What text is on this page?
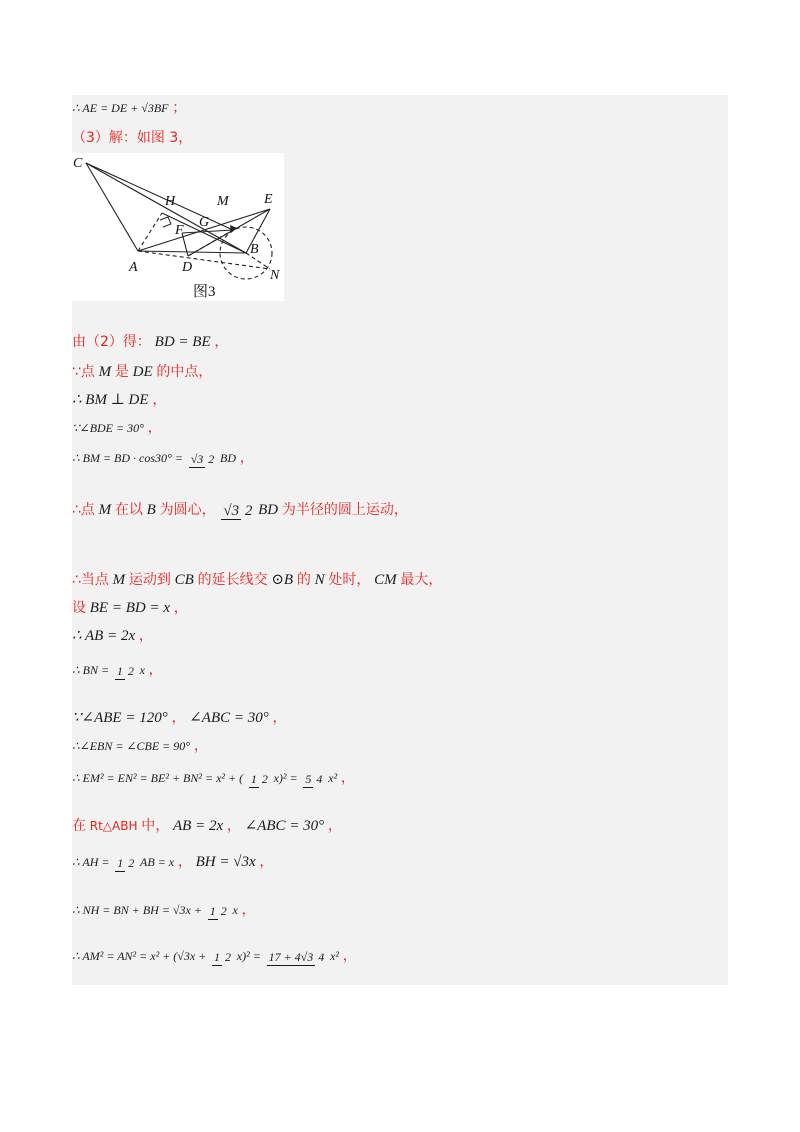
∴ AE = DE + √3BF ；
（3）解：如图 3，
C
H	M	E
G
F
B
A	D
N
图3
由（2）得： BD = BE ，
∵点 M 是 DE 的中点，
∴ BM ⊥ DE ，
∵∠BDE = 30° ，
∴ BM = BD · cos30° = √3 2 BD ，
∴点 M 在以 B 为圆心， √3 2 BD 为半径的圆上运动，
∴当点 M 运动到 CB 的延长线交 ⊙B 的 N 处时， CM 最大，
设 BE = BD = x ，
∴ AB = 2x ，
∴ BN = 1 2 x ，
∵∠ABE = 120° ， ∠ABC = 30° ，
∴∠EBN = ∠CBE = 90° ，
∴ EM² = EN² = BE² + BN² = x² + ( 1 2 x)² = 5 4 x² ，
在 Rt△ABH 中， AB = 2x ， ∠ABC = 30° ，
∴ AH = 1 2 AB = x ， BH = √3x ，
∴ NH = BN + BH = √3x + 1 2 x ，
∴ AM² = AN² = x² + (√3x + 1 2 x)² = 17 + 4√3 4 x² ，
